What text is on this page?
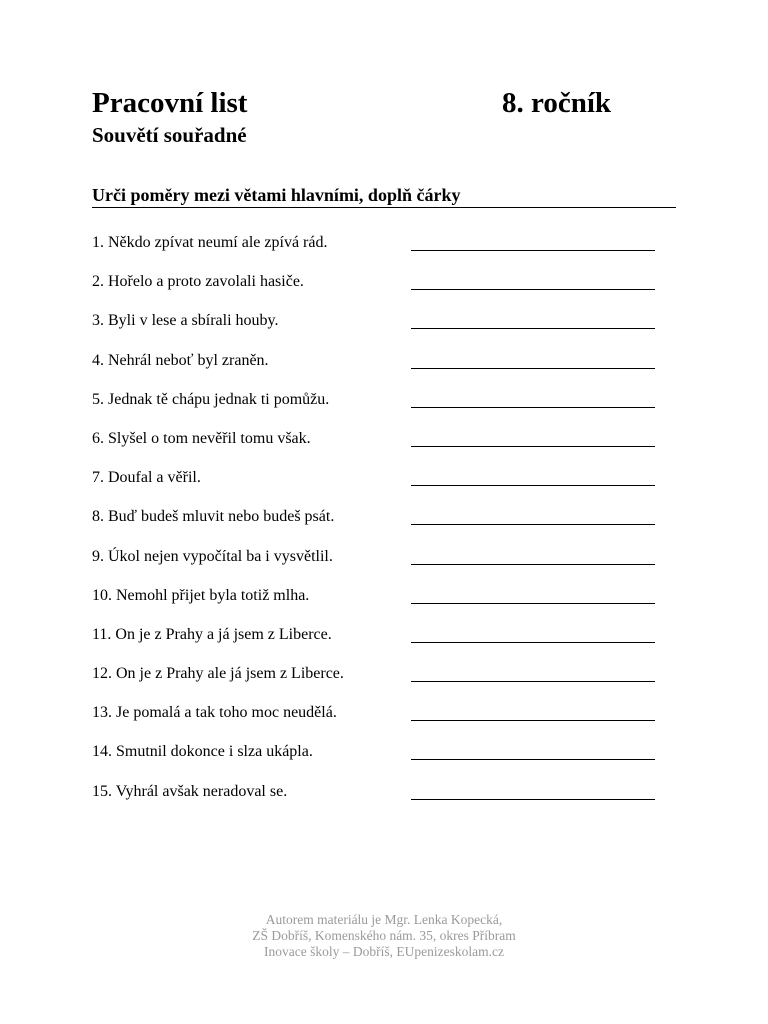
Pracovní list	8. ročník
Souvětí souřadné
Urči poměry mezi větami hlavními, doplň čárky
1. Někdo zpívat neumí ale zpívá rád.
2. Hořelo a proto zavolali hasiče.
3. Byli v lese a sbírali houby.
4. Nehrál neboť byl zraněn.
5. Jednak tě chápu jednak ti pomůžu.
6. Slyšel o tom nevěřil tomu však.
7. Doufal a věřil.
8. Buď budeš mluvit nebo budeš psát.
9. Úkol nejen vypočítal ba i vysvětlil.
10. Nemohl přijet byla totiž mlha.
11. On je z Prahy a já jsem z Liberce.
12. On je z Prahy ale já jsem z Liberce.
13. Je pomalá a tak toho moc neudělá.
14. Smutnil dokonce i slza ukápla.
15. Vyhrál avšak neradoval se.
Autorem materiálu je Mgr. Lenka Kopecká,
ZŠ Dobříš, Komenského nám. 35, okres Příbram
Inovace školy – Dobříš, EUpenizeskolam.cz
